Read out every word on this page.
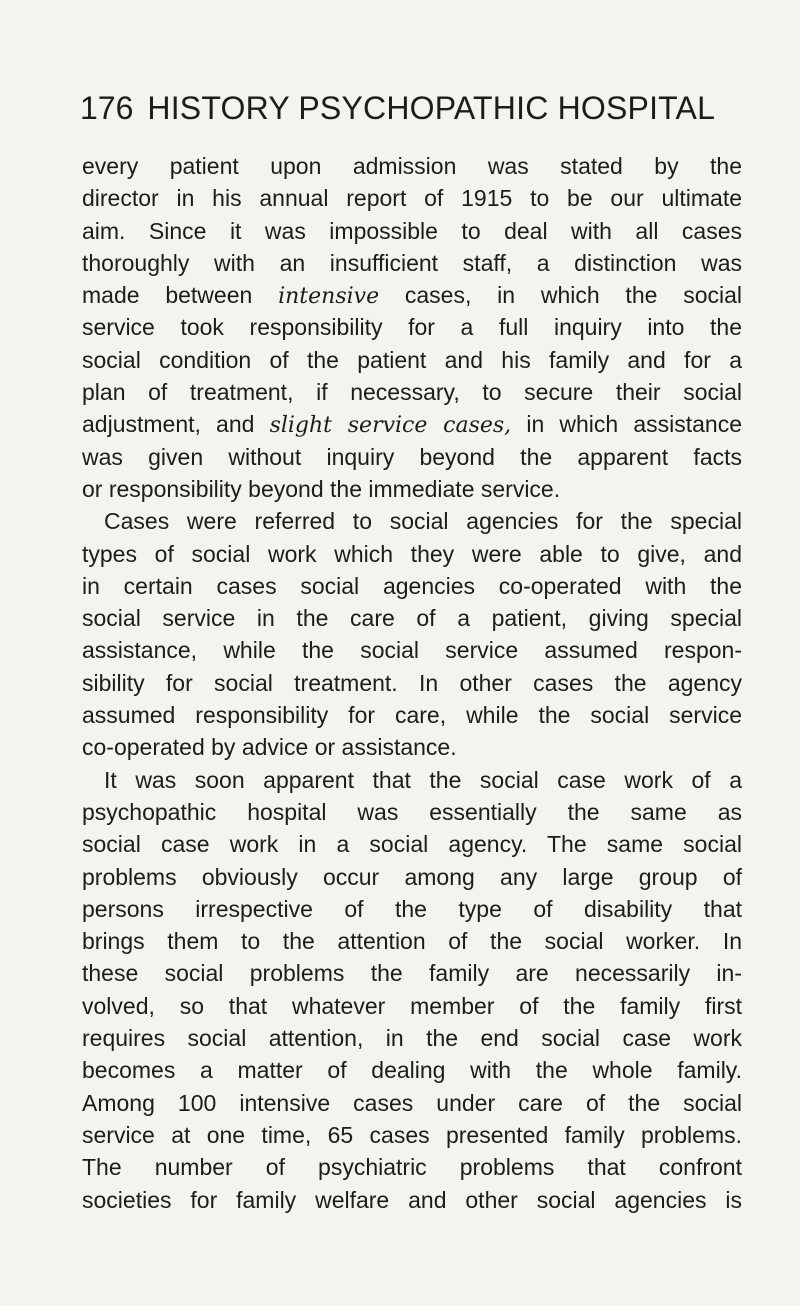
176 HISTORY PSYCHOPATHIC HOSPITAL
every patient upon admission was stated by the
director in his annual report of 1915 to be our ultimate
aim. Since it was impossible to deal with all cases
thoroughly with an insufficient staff, a distinction was
made between intensive cases, in which the social
service took responsibility for a full inquiry into the
social condition of the patient and his family and for a
plan of treatment, if necessary, to secure their social
adjustment, and slight service cases, in which assistance
was given without inquiry beyond the apparent facts
or responsibility beyond the immediate service.
Cases were referred to social agencies for the special
types of social work which they were able to give, and
in certain cases social agencies co-operated with the
social service in the care of a patient, giving special
assistance, while the social service assumed respon-
sibility for social treatment. In other cases the agency
assumed responsibility for care, while the social service
co-operated by advice or assistance.
It was soon apparent that the social case work of a
psychopathic hospital was essentially the same as
social case work in a social agency. The same social
problems obviously occur among any large group of
persons irrespective of the type of disability that
brings them to the attention of the social worker. In
these social problems the family are necessarily in-
volved, so that whatever member of the family first
requires social attention, in the end social case work
becomes a matter of dealing with the whole family.
Among 100 intensive cases under care of the social
service at one time, 65 cases presented family problems.
The number of psychiatric problems that confront
societies for family welfare and other social agencies is
